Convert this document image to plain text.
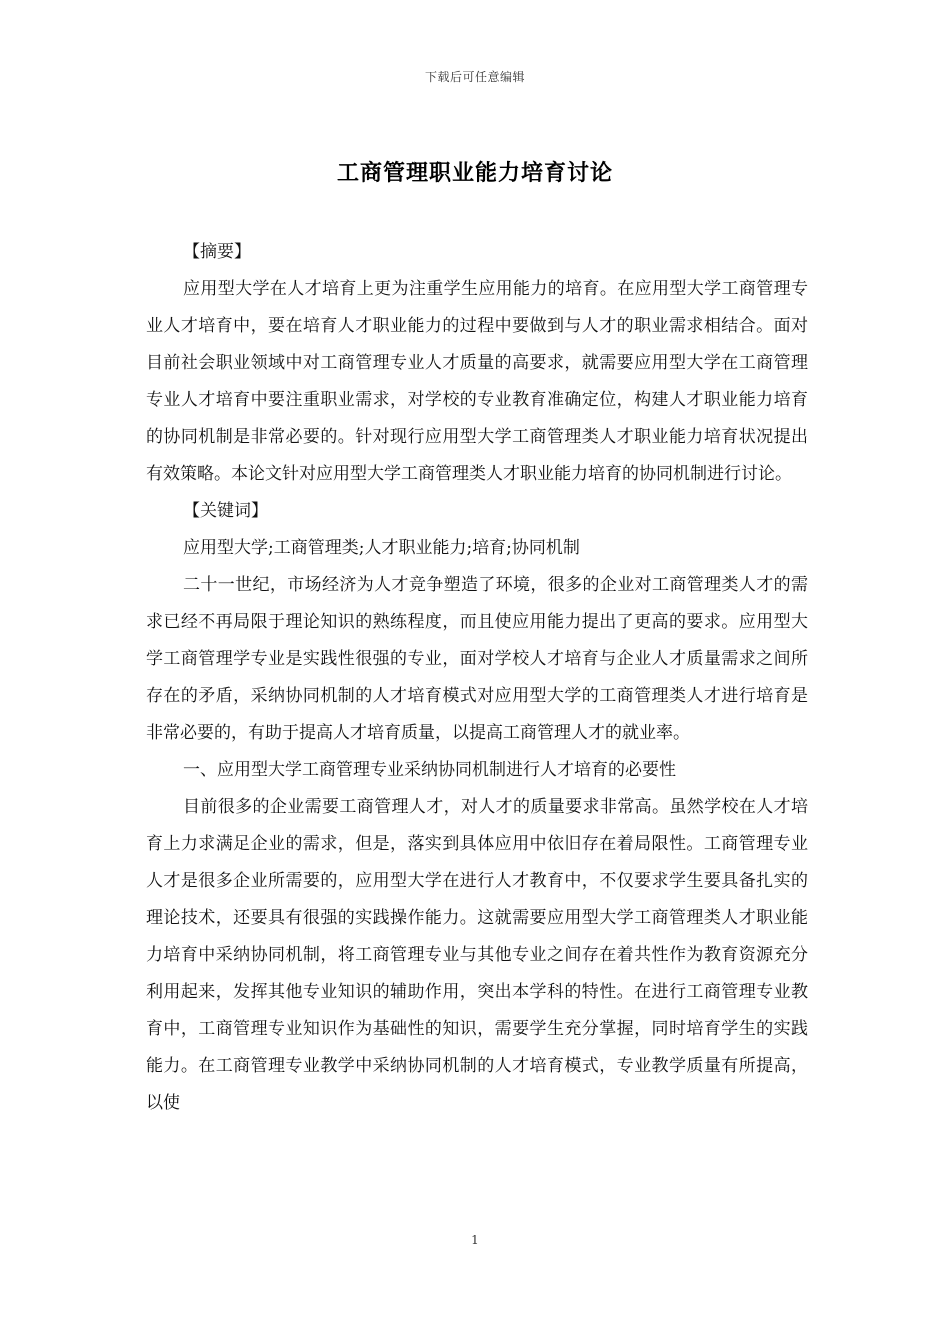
下载后可任意编辑
工商管理职业能力培育讨论

【摘要】

应用型大学在人才培育上更为注重学生应用能力的培育。在应用型大学工商管理专业人才培育中，要在培育人才职业能力的过程中要做到与人才的职业需求相结合。面对目前社会职业领域中对工商管理专业人才质量的高要求，就需要应用型大学在工商管理专业人才培育中要注重职业需求，对学校的专业教育准确定位，构建人才职业能力培育的协同机制是非常必要的。针对现行应用型大学工商管理类人才职业能力培育状况提出有效策略。本论文针对应用型大学工商管理类人才职业能力培育的协同机制进行讨论。

【关键词】

应用型大学;工商管理类;人才职业能力;培育;协同机制

二十一世纪，市场经济为人才竞争塑造了环境，很多的企业对工商管理类人才的需求已经不再局限于理论知识的熟练程度，而且使应用能力提出了更高的要求。应用型大学工商管理学专业是实践性很强的专业，面对学校人才培育与企业人才质量需求之间所存在的矛盾，采纳协同机制的人才培育模式对应用型大学的工商管理类人才进行培育是非常必要的，有助于提高人才培育质量，以提高工商管理人才的就业率。

一、应用型大学工商管理专业采纳协同机制进行人才培育的必要性

目前很多的企业需要工商管理人才，对人才的质量要求非常高。虽然学校在人才培育上力求满足企业的需求，但是，落实到具体应用中依旧存在着局限性。工商管理专业人才是很多企业所需要的，应用型大学在进行人才教育中，不仅要求学生要具备扎实的理论技术，还要具有很强的实践操作能力。这就需要应用型大学工商管理类人才职业能力培育中采纳协同机制，将工商管理专业与其他专业之间存在着共性作为教育资源充分利用起来，发挥其他专业知识的辅助作用，突出本学科的特性。在进行工商管理专业教育中，工商管理专业知识作为基础性的知识，需要学生充分掌握，同时培育学生的实践能力。在工商管理专业教学中采纳协同机制的人才培育模式，专业教学质量有所提高，以使

1
